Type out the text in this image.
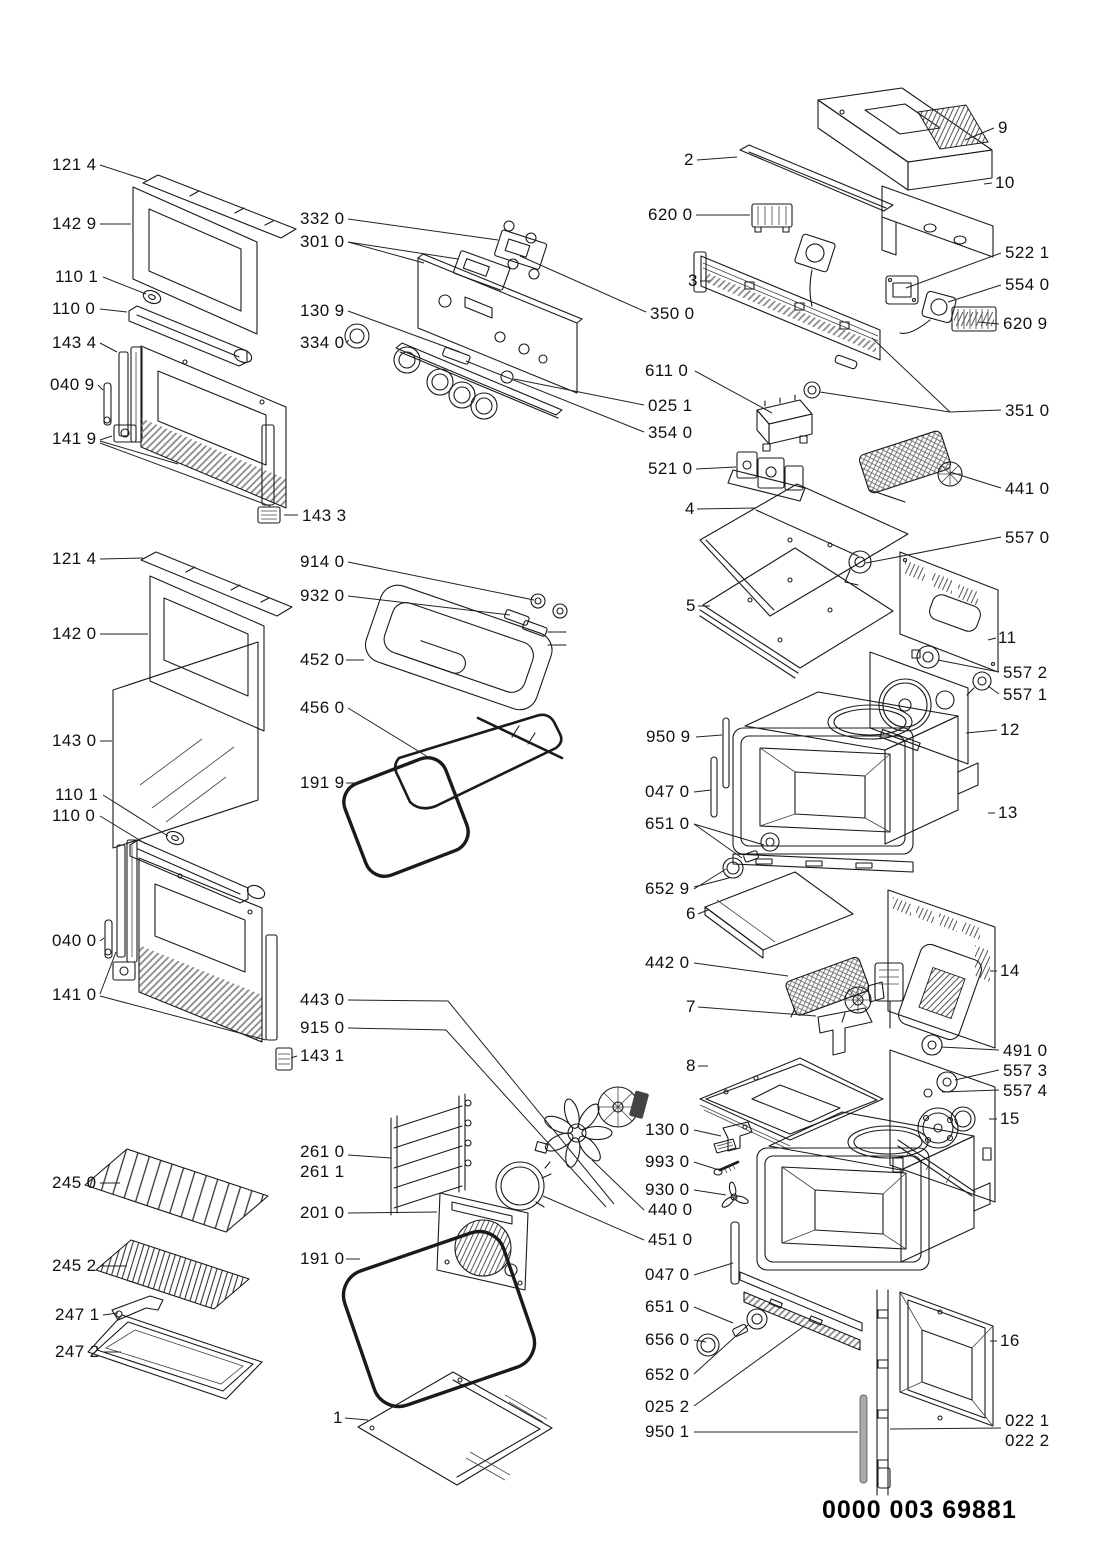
121 4
142 9
110 1
110 0
143 4
040 9
141 9
143 3
121 4
142 0
143 0
110 1
110 0
040 0
141 0
245 0
245 2
247 1
247 2
332 0
301 0
130 9
334 0
914 0
932 0
452 0
456 0
191 9
443 0
915 0
143 1
261 0
261 1
201 0
191 0
1
2
620 0
3
350 0
611 0
025 1
354 0
521 0
4
5
950 9
047 0
651 0
652 9
6
442 0
7
8
130 0
993 0
930 0
440 0
451 0
047 0
651 0
656 0
652 0
025 2
950 1
9
10
522 1
554 0
620 9
351 0
441 0
557 0
11
557 2
557 1
12
13
14
491 0
557 3
557 4
15
16
022 1
022 2
0000 003 69881
